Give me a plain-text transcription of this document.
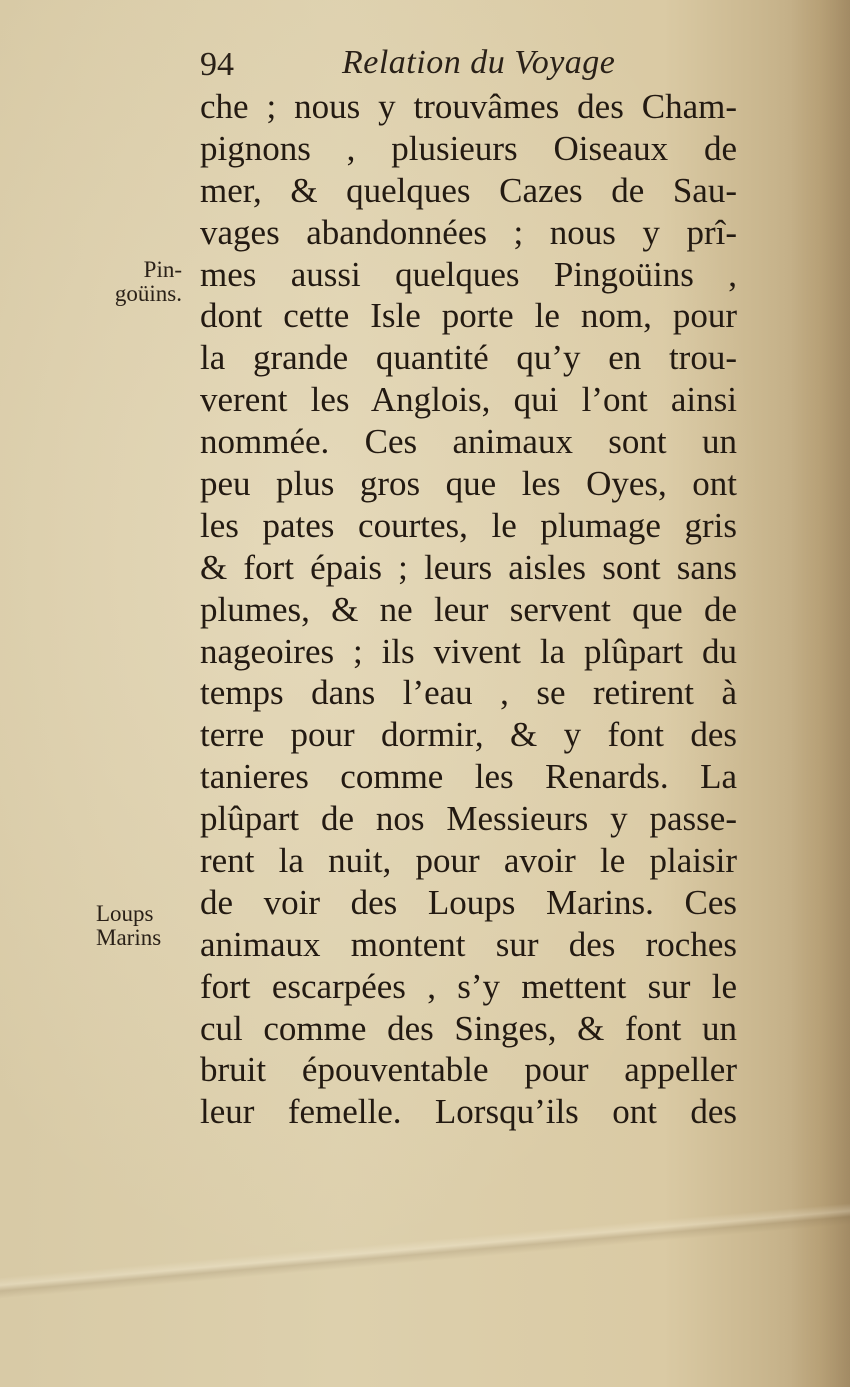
94	Relation du Voyage
Pin-
goüins.
Loups
Marins
che ; nous y trouvâmes des Cham-
pignons , plusieurs Oiseaux de
mer, & quelques Cazes de Sau-
vages abandonnées ; nous y prî-
mes aussi quelques Pingoüins ,
dont cette Isle porte le nom, pour
la grande quantité qu’y en trou-
verent les Anglois, qui l’ont ainsi
nommée. Ces animaux sont un
peu plus gros que les Oyes, ont
les pates courtes, le plumage gris
& fort épais ; leurs aisles sont sans
plumes, & ne leur servent que de
nageoires ; ils vivent la plûpart du
temps dans l’eau , se retirent à
terre pour dormir, & y font des
tanieres comme les Renards. La
plûpart de nos Messieurs y passe-
rent la nuit, pour avoir le plaisir
de voir des Loups Marins. Ces
animaux montent sur des roches
fort escarpées , s’y mettent sur le
cul comme des Singes, & font un
bruit épouventable pour appeller
leur femelle. Lorsqu’ils ont des
